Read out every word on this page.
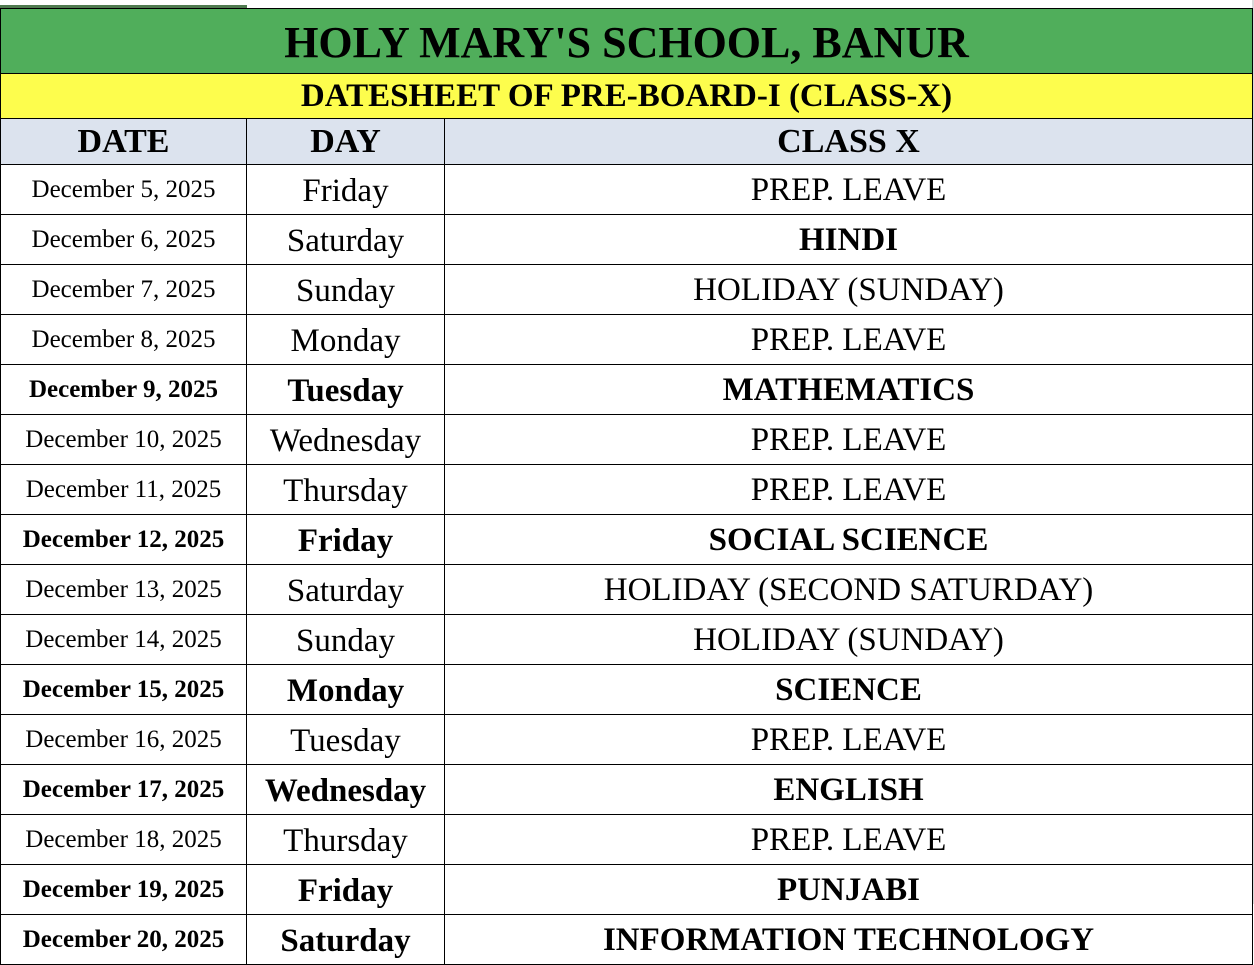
HOLY MARY'S SCHOOL, BANUR		
DATESHEET OF PRE-BOARD-I (CLASS-X)		
DATE	DAY	CLASS X
December 5, 2025	Friday	PREP. LEAVE
December 6, 2025	Saturday	HINDI
December 7, 2025	Sunday	HOLIDAY (SUNDAY)
December 8, 2025	Monday	PREP. LEAVE
December 9, 2025	Tuesday	MATHEMATICS
December 10, 2025	Wednesday	PREP. LEAVE
December 11, 2025	Thursday	PREP. LEAVE
December 12, 2025	Friday	SOCIAL SCIENCE
December 13, 2025	Saturday	HOLIDAY (SECOND SATURDAY)
December 14, 2025	Sunday	HOLIDAY (SUNDAY)
December 15, 2025	Monday	SCIENCE
December 16, 2025	Tuesday	PREP. LEAVE
December 17, 2025	Wednesday	ENGLISH
December 18, 2025	Thursday	PREP. LEAVE
December 19, 2025	Friday	PUNJABI
December 20, 2025	Saturday	INFORMATION TECHNOLOGY
